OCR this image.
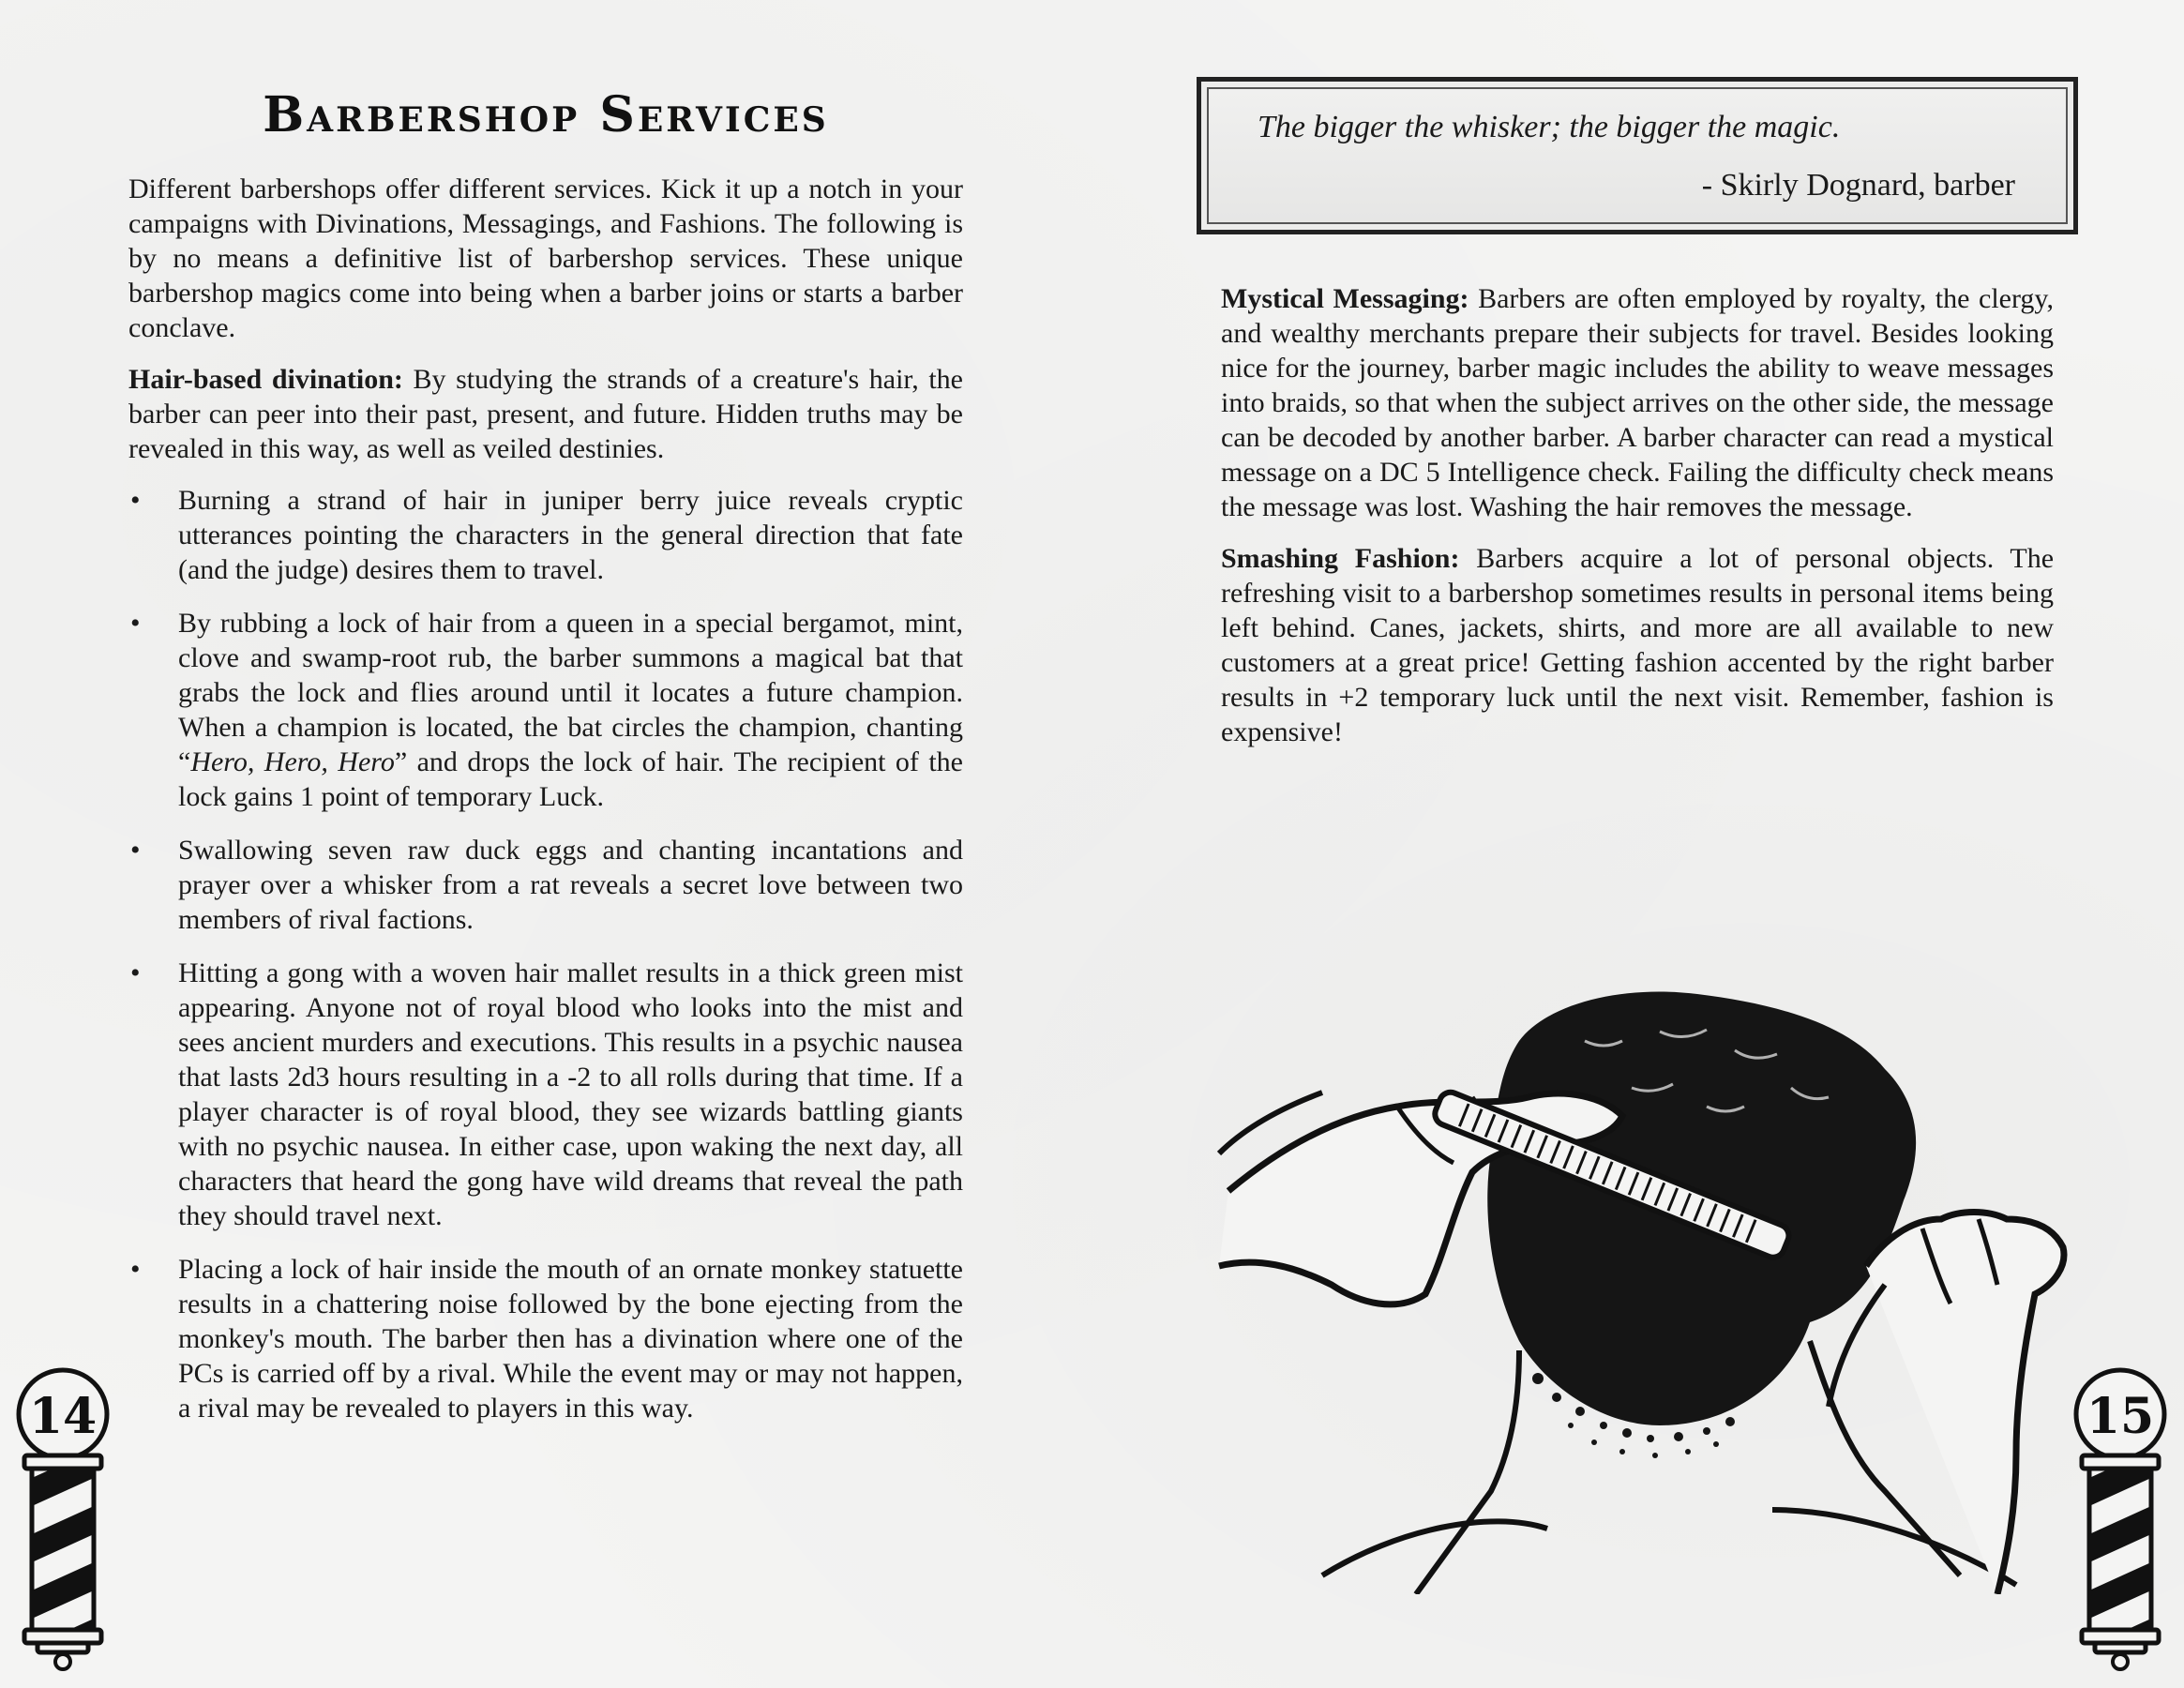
Barbershop Services

Different barbershops offer different services. Kick it up a notch in your campaigns with Divinations, Messagings, and Fashions. The following is by no means a definitive list of barbershop services. These unique barbershop magics come into being when a barber joins or starts a barber conclave.

Hair-based divination: By studying the strands of a creature's hair, the barber can peer into their past, present, and future. Hidden truths may be revealed in this way, as well as veiled destinies.

• Burning a strand of hair in juniper berry juice reveals cryptic utterances pointing the characters in the general direction that fate (and the judge) desires them to travel.
• By rubbing a lock of hair from a queen in a special bergamot, mint, clove and swamp-root rub, the barber summons a magical bat that grabs the lock and flies around until it locates a future champion. When a champion is located, the bat circles the champion, chanting “Hero, Hero, Hero” and drops the lock of hair. The recipient of the lock gains 1 point of temporary Luck.
• Swallowing seven raw duck eggs and chanting incantations and prayer over a whisker from a rat reveals a secret love between two members of rival factions.
• Hitting a gong with a woven hair mallet results in a thick green mist appearing. Anyone not of royal blood who looks into the mist and sees ancient murders and executions. This results in a psychic nausea that lasts 2d3 hours resulting in a -2 to all rolls during that time. If a player character is of royal blood, they see wizards battling giants with no psychic nausea. In either case, upon waking the next day, all characters that heard the gong have wild dreams that reveal the path they should travel next.
• Placing a lock of hair inside the mouth of an ornate monkey statuette results in a chattering noise followed by the bone ejecting from the monkey's mouth. The barber then has a divination where one of the PCs is carried off by a rival. While the event may or may not happen, a rival may be revealed to players in this way.
14
The bigger the whisker; the bigger the magic.
- Skirly Dognard, barber

Mystical Messaging: Barbers are often employed by royalty, the clergy, and wealthy merchants prepare their subjects for travel. Besides looking nice for the journey, barber magic includes the ability to weave messages into braids, so that when the subject arrives on the other side, the message can be decoded by another barber. A barber character can read a mystical message on a DC 5 Intelligence check. Failing the difficulty check means the message was lost. Washing the hair removes the message.

Smashing Fashion: Barbers acquire a lot of personal objects. The refreshing visit to a barbershop sometimes results in personal items being left behind. Canes, jackets, shirts, and more are all available to new customers at a great price! Getting fashion accented by the right barber results in +2 temporary luck until the next visit. Remember, fashion is expensive!

15
